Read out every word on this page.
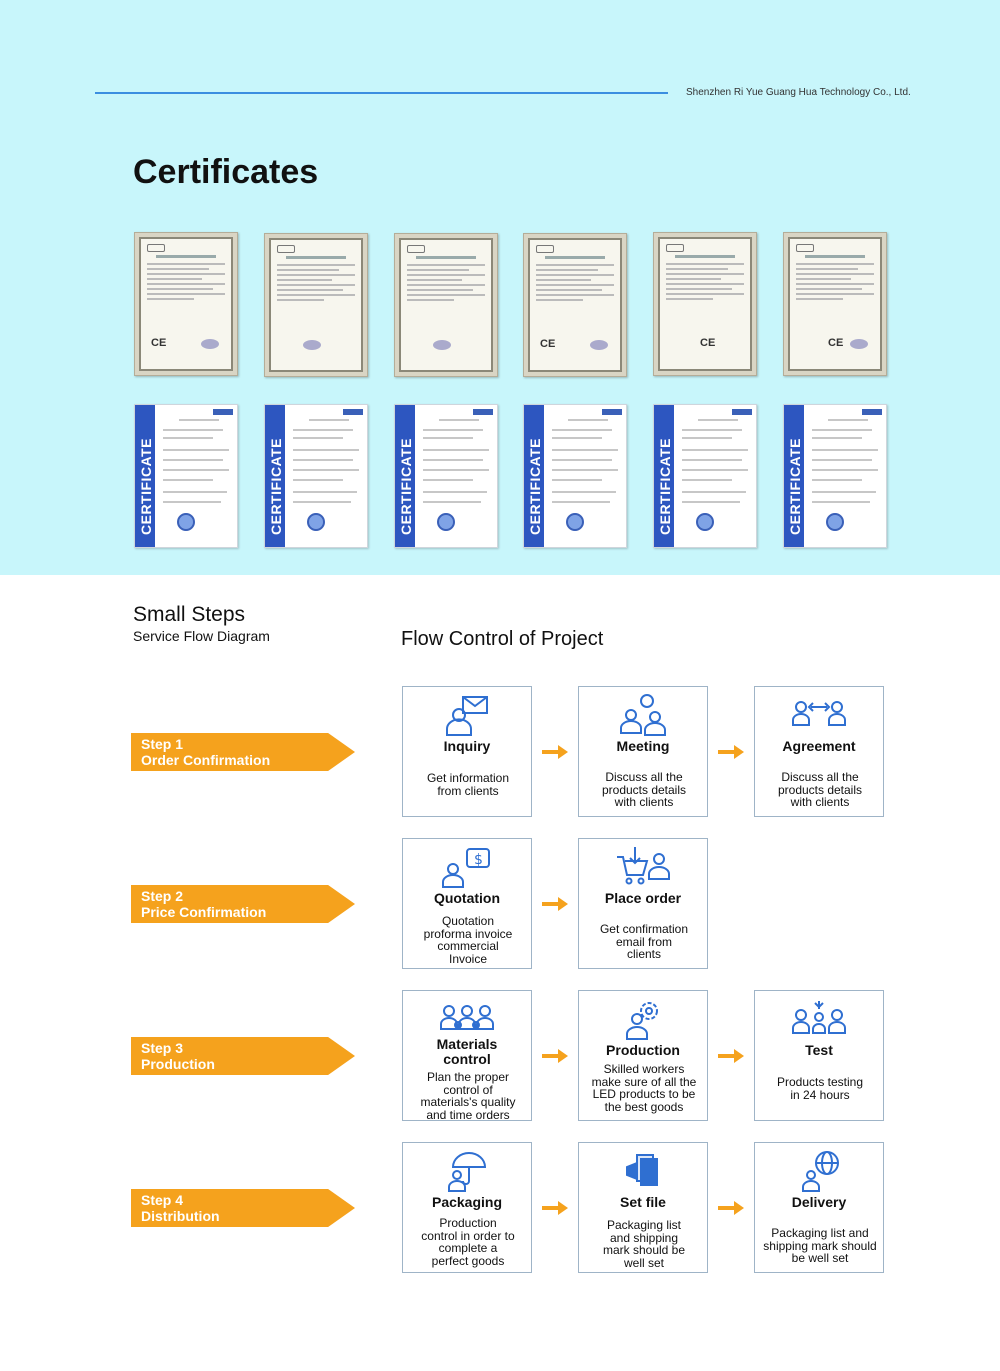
Shenzhen Ri Yue Guang Hua Technology Co., Ltd.
Certificates
CE	CE	CE	CE
CERTIFICATE	CERTIFICATE	CERTIFICATE	CERTIFICATE	CERTIFICATE	CERTIFICATE
Small Steps
Service Flow Diagram	Flow Control of Project
Step 1
Order Confirmation
Step 2
Price Confirmation
Step 3
Production
Step 4
Distribution
Inquiry
Get information
from clients
Meeting
Discuss all the
products details
with clients
Agreement
Discuss all the
products details
with clients
$
Quotation
Quotation
proforma invoice
commercial
Invoice
Place order
Get confirmation
email from
clients
Materials
control
Plan the proper
control of
materials's quality
and time orders
Production
Skilled workers
make sure of all the
LED products to be
the best goods
Test
Products testing
in 24 hours
Packaging
Production
control in order to
complete a
perfect goods
Set file
Packaging list
and shipping
mark should be
well set
Delivery
Packaging list and
shipping mark should
be well set
